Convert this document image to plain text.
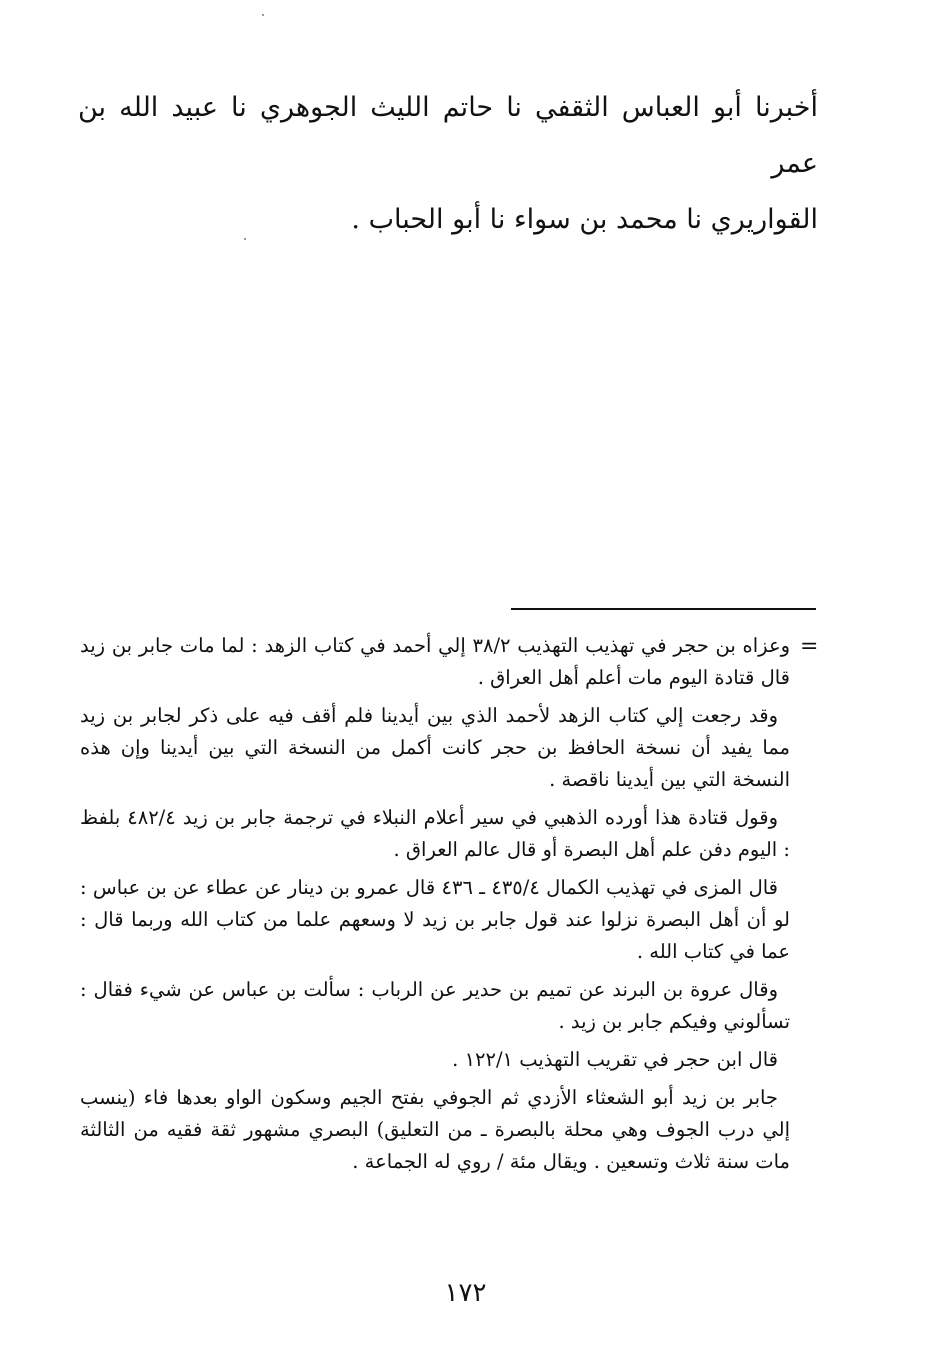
أخبرنا أبو العباس الثقفي نا حاتم الليث الجوهري نا عبيد الله بن عمر
القواريري نا محمد بن سواء نا أبو الحباب .
=

وعزاه بن حجر في تهذيب التهذيب ٣٨/٢ إلي أحمد في كتاب الزهد : لما مات جابر بن زيد قال قتادة اليوم مات أعلم أهل العراق .

وقد رجعت إلي كتاب الزهد لأحمد الذي بين أيدينا فلم أقف فيه على ذكر لجابر بن زيد مما يفيد أن نسخة الحافظ بن حجر كانت أكمل من النسخة التي بين أيدينا وإن هذه النسخة التي بين أيدينا ناقصة .

وقول قتادة هذا أورده الذهبي في سير أعلام النبلاء في ترجمة جابر بن زيد ٤٨٢/٤ بلفظ : اليوم دفن علم أهل البصرة أو قال عالم العراق .

قال المزى في تهذيب الكمال ٤٣٥/٤ ـ ٤٣٦ قال عمرو بن دينار عن عطاء عن بن عباس : لو أن أهل البصرة نزلوا عند قول جابر بن زيد لا وسعهم علما من كتاب الله وربما قال : عما في كتاب الله .

وقال عروة بن البرند عن تميم بن حدير عن الرباب : سألت بن عباس عن شيء فقال : تسألوني وفيكم جابر بن زيد .

قال ابن حجر في تقريب التهذيب ١٢٢/١ .

جابر بن زيد أبو الشعثاء الأزدي ثم الجوفي بفتح الجيم وسكون الواو بعدها فاء (ينسب إلي درب الجوف وهي محلة بالبصرة ـ من التعليق) البصري مشهور ثقة فقيه من الثالثة مات سنة ثلاث وتسعين . ويقال مئة / روي له الجماعة .

١٧٢
